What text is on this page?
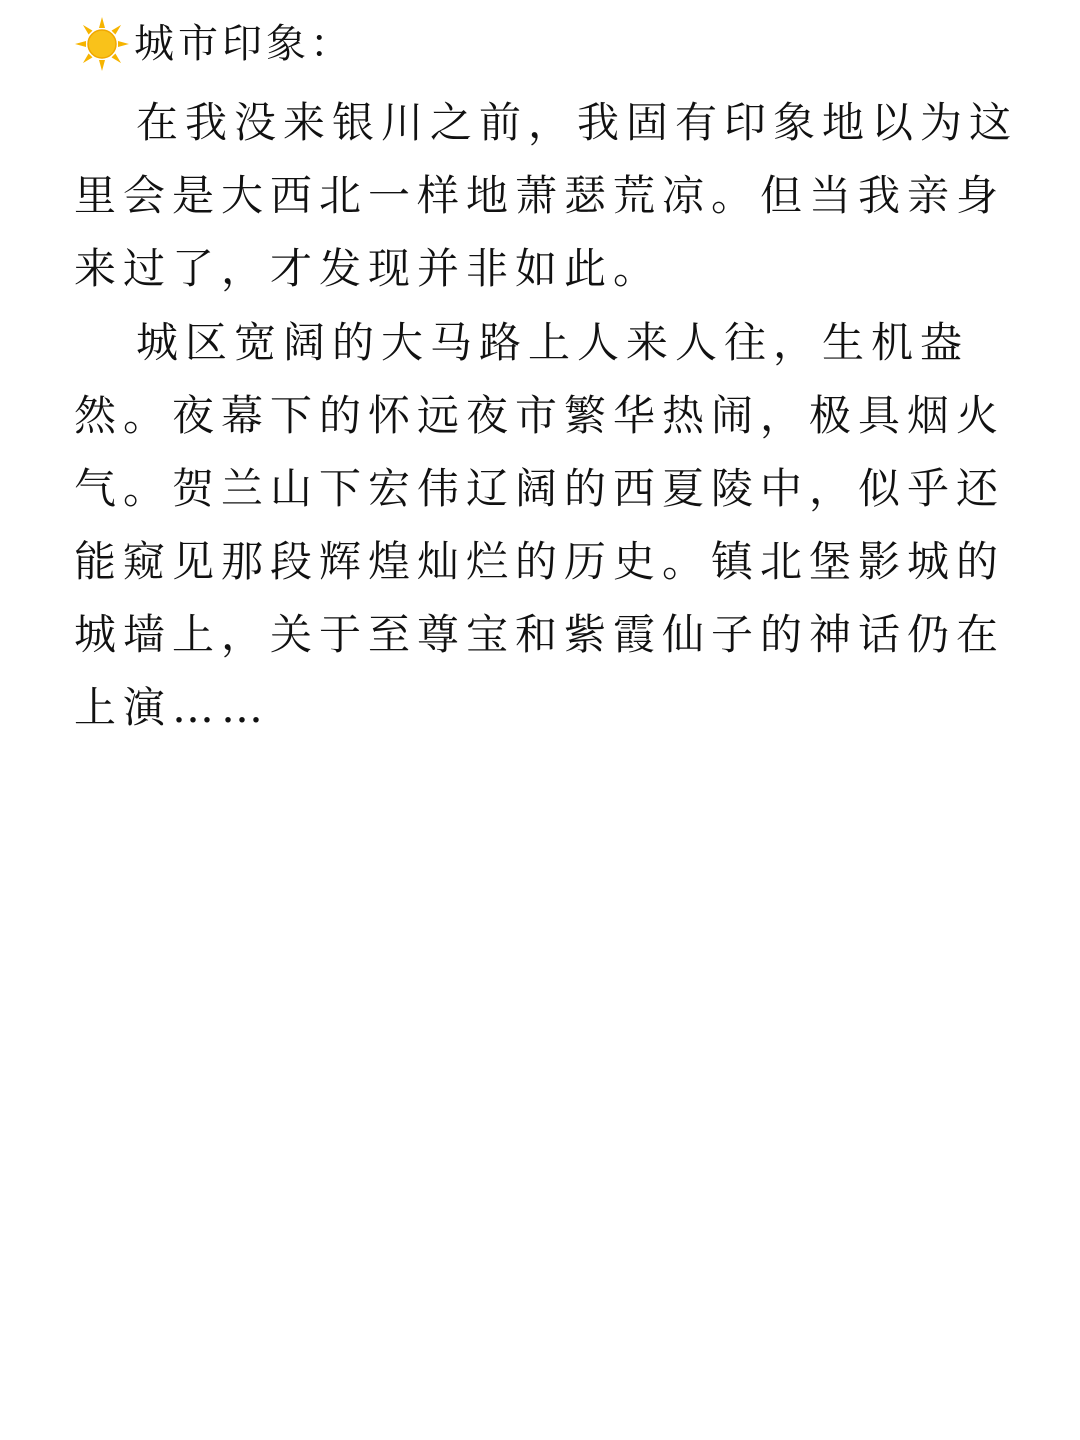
城市印象：

在我没来银川之前，我固有印象地以为这
里会是大西北一样地萧瑟荒凉。但当我亲身
来过了，才发现并非如此。

城区宽阔的大马路上人来人往，生机盎
然。夜幕下的怀远夜市繁华热闹，极具烟火
气。贺兰山下宏伟辽阔的西夏陵中，似乎还
能窥见那段辉煌灿烂的历史。镇北堡影城的
城墙上，关于至尊宝和紫霞仙子的神话仍在
上演……
